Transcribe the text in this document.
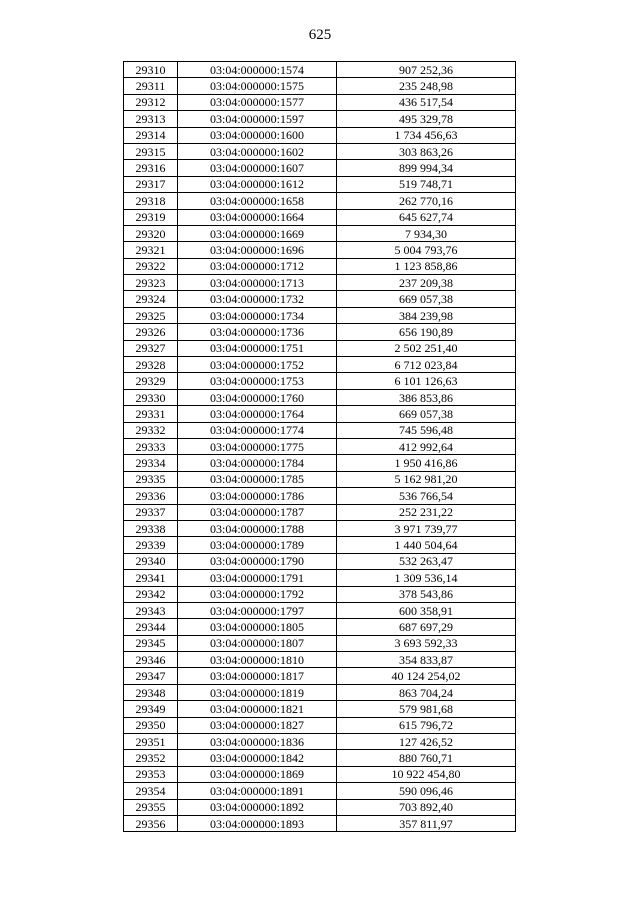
625
29310	03:04:000000:1574	907 252,36
29311	03:04:000000:1575	235 248,98
29312	03:04:000000:1577	436 517,54
29313	03:04:000000:1597	495 329,78
29314	03:04:000000:1600	1 734 456,63
29315	03:04:000000:1602	303 863,26
29316	03:04:000000:1607	899 994,34
29317	03:04:000000:1612	519 748,71
29318	03:04:000000:1658	262 770,16
29319	03:04:000000:1664	645 627,74
29320	03:04:000000:1669	7 934,30
29321	03:04:000000:1696	5 004 793,76
29322	03:04:000000:1712	1 123 858,86
29323	03:04:000000:1713	237 209,38
29324	03:04:000000:1732	669 057,38
29325	03:04:000000:1734	384 239,98
29326	03:04:000000:1736	656 190,89
29327	03:04:000000:1751	2 502 251,40
29328	03:04:000000:1752	6 712 023,84
29329	03:04:000000:1753	6 101 126,63
29330	03:04:000000:1760	386 853,86
29331	03:04:000000:1764	669 057,38
29332	03:04:000000:1774	745 596,48
29333	03:04:000000:1775	412 992,64
29334	03:04:000000:1784	1 950 416,86
29335	03:04:000000:1785	5 162 981,20
29336	03:04:000000:1786	536 766,54
29337	03:04:000000:1787	252 231,22
29338	03:04:000000:1788	3 971 739,77
29339	03:04:000000:1789	1 440 504,64
29340	03:04:000000:1790	532 263,47
29341	03:04:000000:1791	1 309 536,14
29342	03:04:000000:1792	378 543,86
29343	03:04:000000:1797	600 358,91
29344	03:04:000000:1805	687 697,29
29345	03:04:000000:1807	3 693 592,33
29346	03:04:000000:1810	354 833,87
29347	03:04:000000:1817	40 124 254,02
29348	03:04:000000:1819	863 704,24
29349	03:04:000000:1821	579 981,68
29350	03:04:000000:1827	615 796,72
29351	03:04:000000:1836	127 426,52
29352	03:04:000000:1842	880 760,71
29353	03:04:000000:1869	10 922 454,80
29354	03:04:000000:1891	590 096,46
29355	03:04:000000:1892	703 892,40
29356	03:04:000000:1893	357 811,97
